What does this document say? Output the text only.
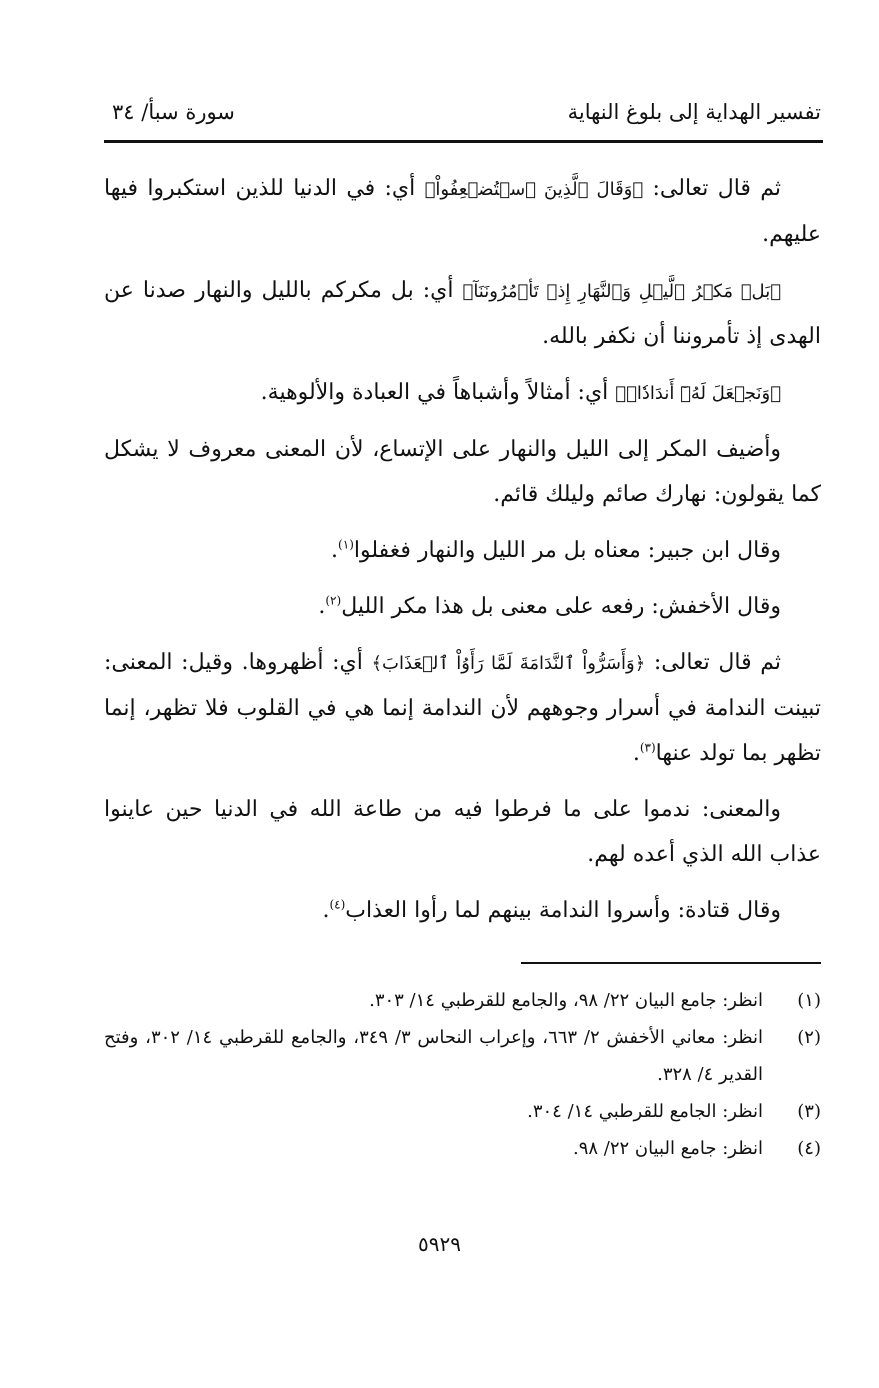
تفسير الهداية إلى بلوغ النهاية
سورة سبأ/ ٣٤

ثم قال تعالى: ﴿وَقَالَ ٱلَّذِينَ ٱسۡتُضۡعِفُواْ﴾ أي: في الدنيا للذين استكبروا فيها عليهم.

﴿بَلۡ مَكۡرُ ٱلَّيۡلِ وَٱلنَّهَارِ إِذۡ تَأۡمُرُونَنَآ﴾ أي: بل مكركم بالليل والنهار صدنا عن الهدى إذ تأمروننا أن نكفر بالله.

﴿وَنَجۡعَلَ لَهُۥٓ أَندَادٗاۚ﴾ أي: أمثالاً وأشباهاً في العبادة والألوهية.

وأضيف المكر إلى الليل والنهار على الإتساع، لأن المعنى معروف لا يشكل كما يقولون: نهارك صائم وليلك قائم.

وقال ابن جبير: معناه بل مر الليل والنهار فغفلوا$^{(١)}$.

وقال الأخفش: رفعه على معنى بل هذا مكر الليل$^{(٢)}$.

ثم قال تعالى: ﴿وَأَسَرُّواْ ٱلنَّدَامَةَ لَمَّا رَأَوُاْ ٱلۡعَذَابَ﴾ أي: أظهروها. وقيل: المعنى: تبينت الندامة في أسرار وجوههم لأن الندامة إنما هي في القلوب فلا تظهر، إنما تظهر بما تولد عنها$^{(٣)}$.

والمعنى: ندموا على ما فرطوا فيه من طاعة الله في الدنيا حين عاينوا عذاب الله الذي أعده لهم.

وقال قتادة: وأسروا الندامة بينهم لما رأوا العذاب$^{(٤)}$.

(١)
انظر: جامع البيان ٢٢/ ٩٨، والجامع للقرطبي ١٤/ ٣٠٣.

(٢)
انظر: معاني الأخفش ٢/ ٦٦٣، وإعراب النحاس ٣/ ٣٤٩، والجامع للقرطبي ١٤/ ٣٠٢، وفتح القدير ٤/ ٣٢٨.

(٣)
انظر: الجامع للقرطبي ١٤/ ٣٠٤.

(٤)
انظر: جامع البيان ٢٢/ ٩٨.

٥٩٢٩
